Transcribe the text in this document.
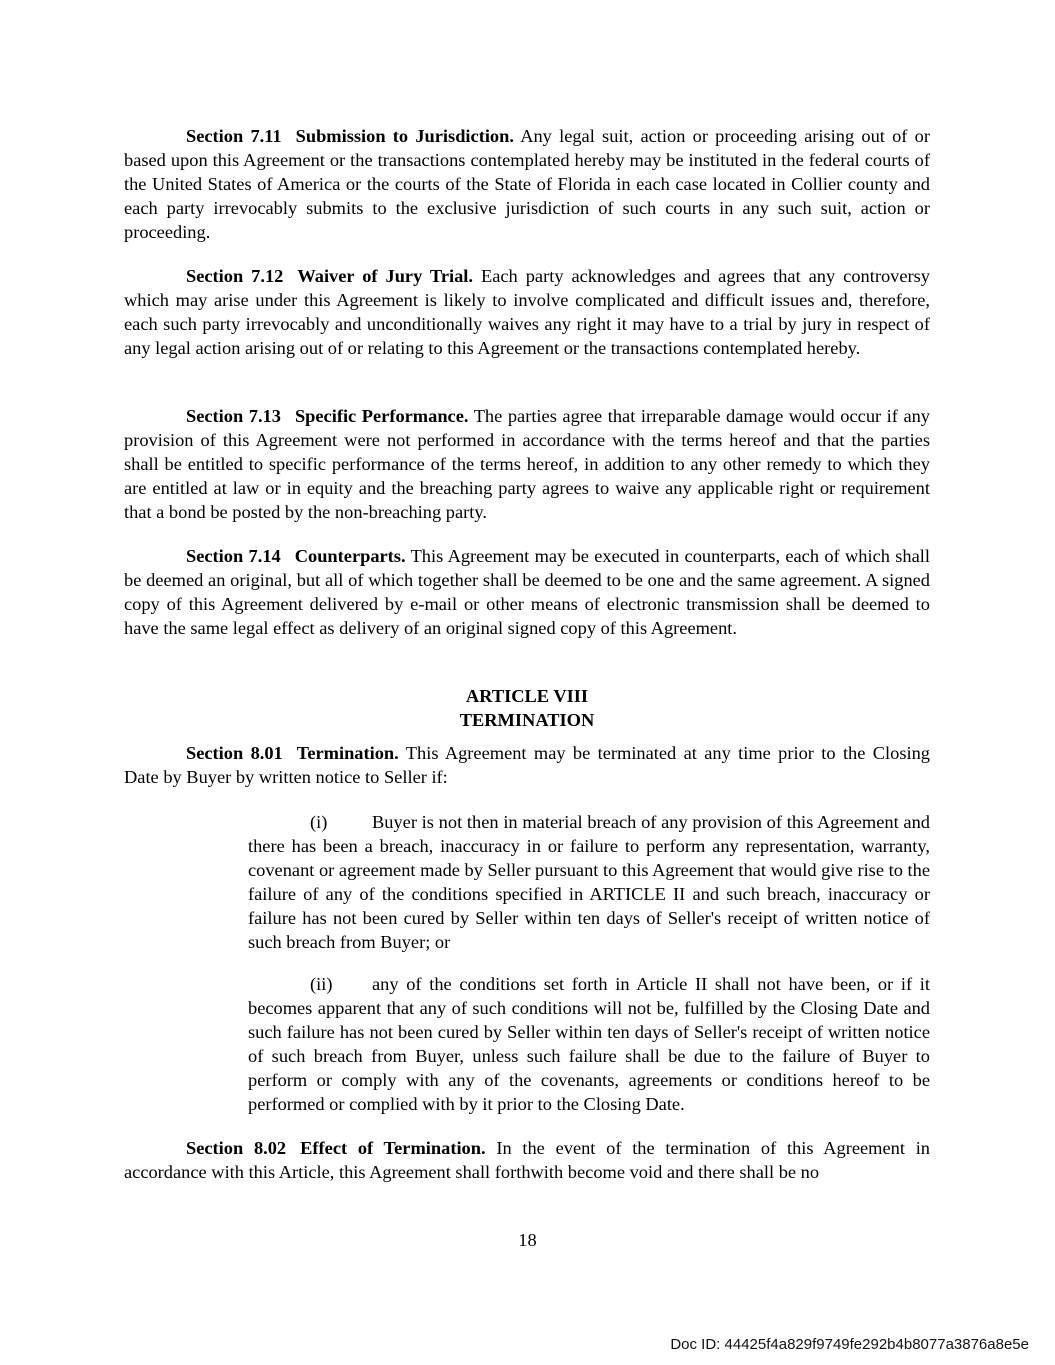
Section 7.11 Submission to Jurisdiction. Any legal suit, action or proceeding arising out of or based upon this Agreement or the transactions contemplated hereby may be instituted in the federal courts of the United States of America or the courts of the State of Florida in each case located in Collier county and each party irrevocably submits to the exclusive jurisdiction of such courts in any such suit, action or proceeding.
Section 7.12 Waiver of Jury Trial. Each party acknowledges and agrees that any controversy which may arise under this Agreement is likely to involve complicated and difficult issues and, therefore, each such party irrevocably and unconditionally waives any right it may have to a trial by jury in respect of any legal action arising out of or relating to this Agreement or the transactions contemplated hereby.
Section 7.13 Specific Performance. The parties agree that irreparable damage would occur if any provision of this Agreement were not performed in accordance with the terms hereof and that the parties shall be entitled to specific performance of the terms hereof, in addition to any other remedy to which they are entitled at law or in equity and the breaching party agrees to waive any applicable right or requirement that a bond be posted by the non-breaching party.
Section 7.14 Counterparts. This Agreement may be executed in counterparts, each of which shall be deemed an original, but all of which together shall be deemed to be one and the same agreement. A signed copy of this Agreement delivered by e-mail or other means of electronic transmission shall be deemed to have the same legal effect as delivery of an original signed copy of this Agreement.
ARTICLE VIII
TERMINATION
Section 8.01 Termination. This Agreement may be terminated at any time prior to the Closing Date by Buyer by written notice to Seller if:
(i) Buyer is not then in material breach of any provision of this Agreement and there has been a breach, inaccuracy in or failure to perform any representation, warranty, covenant or agreement made by Seller pursuant to this Agreement that would give rise to the failure of any of the conditions specified in ARTICLE II and such breach, inaccuracy or failure has not been cured by Seller within ten days of Seller's receipt of written notice of such breach from Buyer; or
(ii) any of the conditions set forth in Article II shall not have been, or if it becomes apparent that any of such conditions will not be, fulfilled by the Closing Date and such failure has not been cured by Seller within ten days of Seller's receipt of written notice of such breach from Buyer, unless such failure shall be due to the failure of Buyer to perform or comply with any of the covenants, agreements or conditions hereof to be performed or complied with by it prior to the Closing Date.
Section 8.02 Effect of Termination. In the event of the termination of this Agreement in accordance with this Article, this Agreement shall forthwith become void and there shall be no
18
Doc ID: 44425f4a829f9749fe292b4b8077a3876a8e5e
